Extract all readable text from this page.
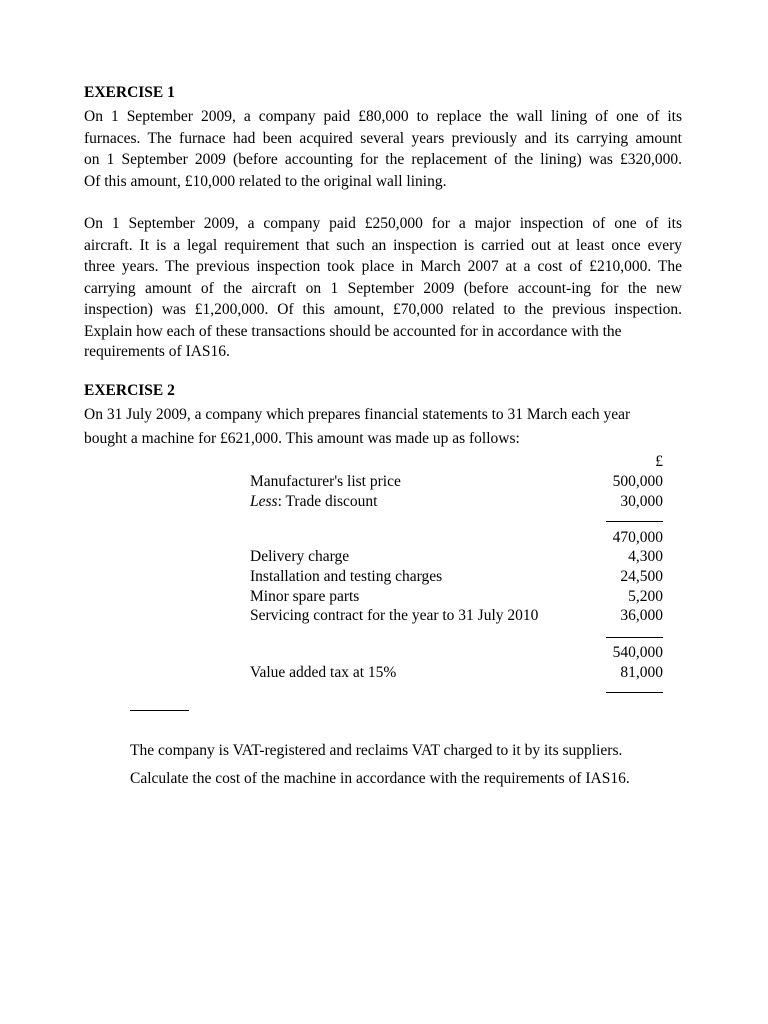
EXERCISE 1
On 1 September 2009, a company paid £80,000 to replace the wall lining of one of its
furnaces. The furnace had been acquired several years previously and its carrying amount
on 1 September 2009 (before accounting for the replacement of the lining) was £320,000.
Of this amount, £10,000 related to the original wall lining.
On 1 September 2009, a company paid £250,000 for a major inspection of one of its
aircraft. It is a legal requirement that such an inspection is carried out at least once every
three years. The previous inspection took place in March 2007 at a cost of £210,000. The
carrying amount of the aircraft on 1 September 2009 (before account-ing for the new
inspection) was £1,200,000. Of this amount, £70,000 related to the previous inspection.
Explain how each of these transactions should be accounted for in accordance with the
requirements of IAS16.
EXERCISE 2
On 31 July 2009, a company which prepares financial statements to 31 March each year
bought a machine for £621,000. This amount was made up as follows:
£
Manufacturer's list price	500,000
Less: Trade discount	30,000
470,000
Delivery charge	4,300
Installation and testing charges	24,500
Minor spare parts	5,200
Servicing contract for the year to 31 July 2010	36,000
540,000
Value added tax at 15%	81,000
The company is VAT-registered and reclaims VAT charged to it by its suppliers.
Calculate the cost of the machine in accordance with the requirements of IAS16.
